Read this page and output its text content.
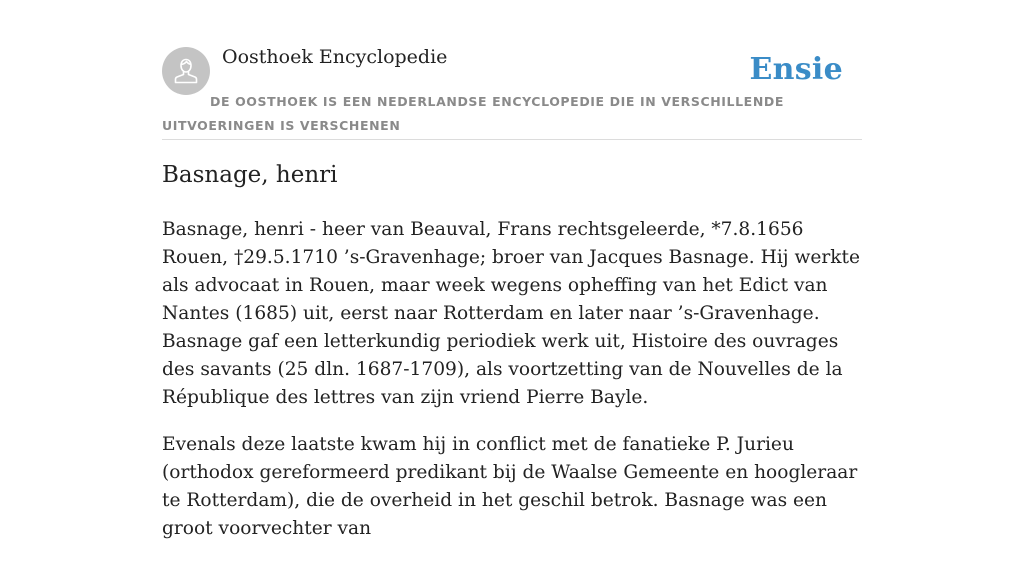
Oosthoek Encyclopedie	Ensie
DE OOSTHOEK IS EEN NEDERLANDSE ENCYCLOPEDIE DIE IN VERSCHILLENDE UITVOERINGEN IS VERSCHENEN
Basnage, henri

Basnage, henri - heer van Beauval, Frans rechtsgeleerde, *7.8.1656 Rouen, †29.5.1710 ’s-Gravenhage; broer van Jacques Basnage. Hij werkte als advocaat in Rouen, maar week wegens opheffing van het Edict van Nantes (1685) uit, eerst naar Rotterdam en later naar ’s-Gravenhage. Basnage gaf een letterkundig periodiek werk uit, Histoire des ouvrages des savants (25 dln. 1687-1709), als voortzetting van de Nouvelles de la République des lettres van zijn vriend Pierre Bayle.

Evenals deze laatste kwam hij in conflict met de fanatieke P. Jurieu (orthodox gereformeerd predikant bij de Waalse Gemeente en hoogleraar te Rotterdam), die de overheid in het geschil betrok. Basnage was een groot voorvechter van
